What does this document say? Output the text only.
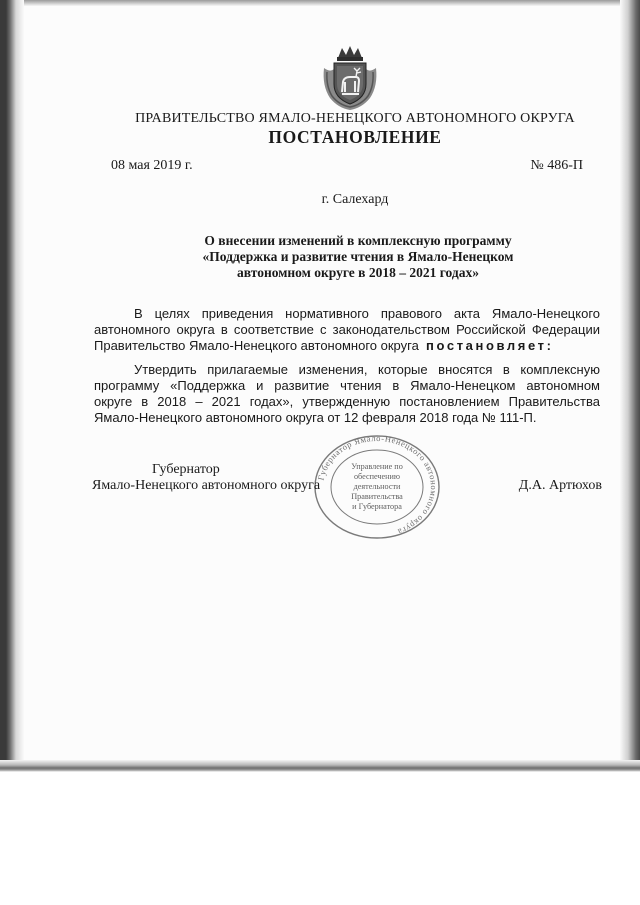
ПРАВИТЕЛЬСТВО ЯМАЛО-НЕНЕЦКОГО АВТОНОМНОГО ОКРУГА
ПОСТАНОВЛЕНИЕ
08 мая 2019 г.	№ 486-П
г. Салехард
О внесении изменений в комплексную программу
«Поддержка и развитие чтения в Ямало-Ненецком
автономном округе в 2018 – 2021 годах»
В целях приведения нормативного правового акта Ямало-Ненецкого
автономного округа в соответствие с законодательством Российской Федерации
Правительство Ямало-Ненецкого автономного округа постановляет:
Утвердить прилагаемые изменения, которые вносятся в комплексную
программу «Поддержка и развитие чтения в Ямало-Ненецком автономном
округе в 2018 – 2021 годах», утвержденную постановлением Правительства
Ямало-Ненецкого автономного округа от 12 февраля 2018 года № 111-П.
Губернатор Ямало-Ненецкого автономного округа
Управление по
обеспечению
деятельности
Правительства
и Губернатора
Губернатор
Ямало-Ненецкого автономного округа	Д.А. Артюхов
